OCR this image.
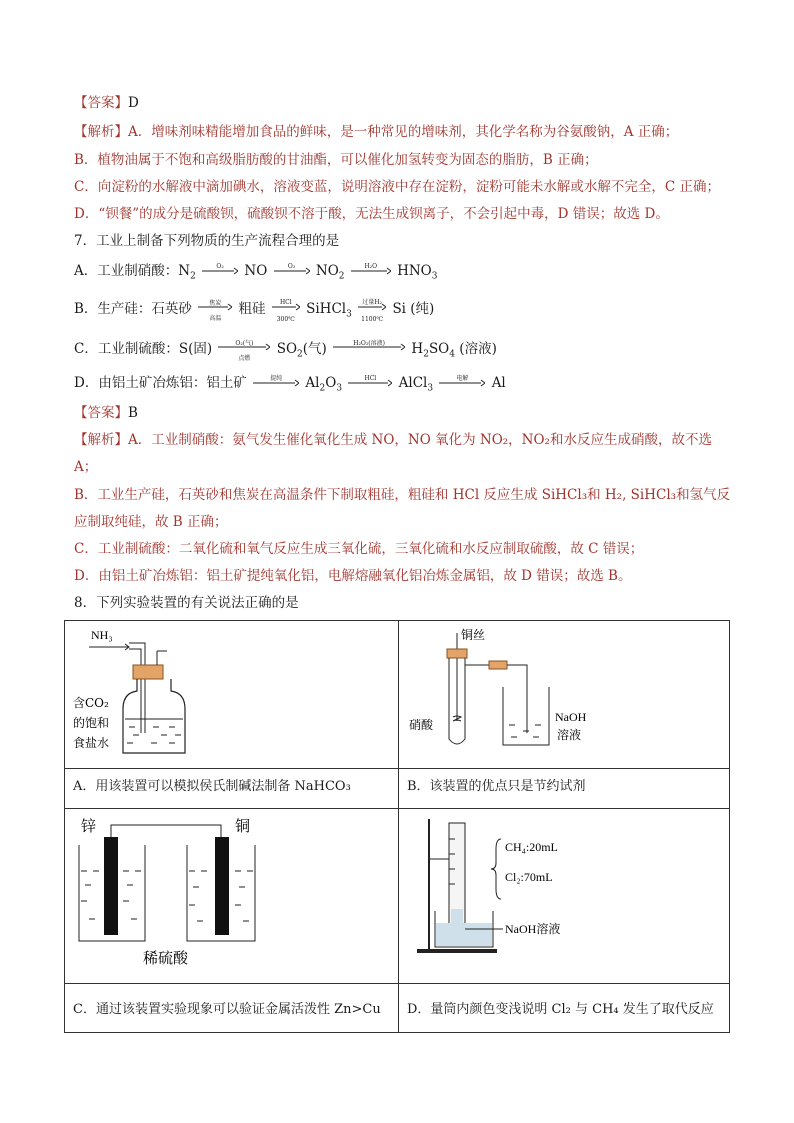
【答案】D
【解析】A．增味剂味精能增加食品的鲜味，是一种常见的增味剂，其化学名称为谷氨酸钠，A 正确；
B．植物油属于不饱和高级脂肪酸的甘油酯，可以催化加氢转变为固态的脂肪，B 正确；
C．向淀粉的水解液中滴加碘水，溶液变蓝，说明溶液中存在淀粉，淀粉可能未水解或水解不完全，C 正确；
D．“钡餐”的成分是硫酸钡，硫酸钡不溶于酸，无法生成钡离子，不会引起中毒，D 错误；故选 D。
7．工业上制备下列物质的生产流程合理的是
A．工业制硝酸：$N_2$
O₂	NO	O₂	$NO_2$
H₂O	$HNO_3$
B．生产硅：石英砂	焦炭
高温
粗硅	HCl
300℃
SiHCl$_3$
过量H₂
1100℃
Si (纯)
C．工业制硫酸：S(固)	O₂(气)
点燃
$SO_2$(气)	H₂O₂(溶液)	$H_2SO_4$ (溶液)
D．由铝土矿冶炼铝：铝土矿	提纯	$Al_2O_3$
HCl	AlCl$_3$
电解	Al
【答案】B
【解析】A．工业制硝酸：氨气发生催化氧化生成 NO，NO 氧化为 NO₂，NO₂和水反应生成硝酸，故不选
A；
B．工业生产硅，石英砂和焦炭在高温条件下制取粗硅，粗硅和 HCl 反应生成 SiHCl₃和 H₂, SiHCl₃和氢气反
应制取纯硅，故 B 正确；
C．工业制硫酸：二氧化硫和氧气反应生成三氧化硫，三氧化硫和水反应制取硫酸，故 C 错误；
D．由铝土矿冶炼铝：铝土矿提纯氧化铝，电解熔融氧化铝冶炼金属铝，故 D 错误；故选 B。
8．下列实验装置的有关说法正确的是
NH₃
含CO₂
的饱和
食盐水	铜丝
硝酸
NaOH
溶液

A．用该装置可以模拟侯氏制碱法制备 NaHCO₃	B．该装置的优点只是节约试剂

锌 铜
稀硫酸	CH₄:20mL
Cl₂:70mL
NaOH溶液

C．通过该装置实验现象可以验证金属活泼性 Zn>Cu	D．量筒内颜色变浅说明 Cl₂ 与 CH₄ 发生了取代反应
